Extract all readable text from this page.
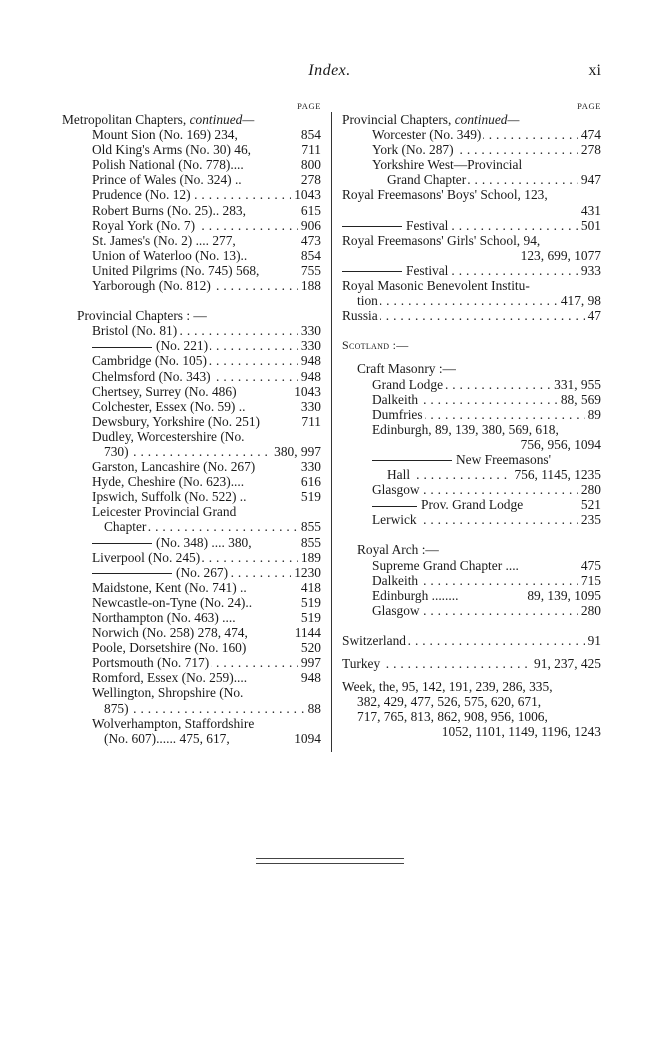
Index.	xi
PAGE
Metropolitan Chapters, continued—
Mount Sion (No. 169) 234,	854
Old King's Arms (No. 30) 46,	711
Polish National (No. 778)....	800
Prince of Wales (No. 324) ..	278
. . . Prudence (No. 12)	1043
Robert Burns (No. 25).. 283,	615
. . . Royal York (No. 7)	906
St. James's (No. 2) .... 277,	473
Union of Waterloo (No. 13)..	854
United Pilgrims (No. 745) 568,	755
. . . Yarborough (No. 812)	188
Provincial Chapters : —
. . . Bristol (No. 81)	330
. . . (No. 221)	330
. . . Cambridge (No. 105)	948
. . . Chelmsford (No. 343)	948
Chertsey, Surrey (No. 486)	1043
Colchester, Essex (No. 59) ..	330
Dewsbury, Yorkshire (No. 251)	711
Dudley, Worcestershire (No.
. . . 730)	380, 997
Garston, Lancashire (No. 267)	330
Hyde, Cheshire (No. 623)....	616
Ipswich, Suffolk (No. 522) ..	519
Leicester Provincial Grand
. . . Chapter	855
(No. 348) .... 380,	855
. . . Liverpool (No. 245)	189
. . . (No. 267)	1230
Maidstone, Kent (No. 741) ..	418
Newcastle-on-Tyne (No. 24)..	519
Northampton (No. 463) ....	519
Norwich (No. 258) 278, 474,	1144
Poole, Dorsetshire (No. 160)	520
. . . Portsmouth (No. 717)	997
Romford, Essex (No. 259)....	948
Wellington, Shropshire (No.
. . . 875)	88
Wolverhampton, Staffordshire
(No. 607)...... 475, 617,	1094
PAGE
Provincial Chapters, continued—
. . . Worcester (No. 349)	474
. . . York (No. 287)	278
Yorkshire West—Provincial
. . . Grand Chapter	947
Royal Freemasons' Boys' School, 123,
431
. . . Festival	501
Royal Freemasons' Girls' School, 94,
123, 699, 1077
. . . Festival	933
Royal Masonic Benevolent Institu-
. . . tion	417, 98
. . . Russia	47
Scotland :—
Craft Masonry :—
. . . Grand Lodge	331, 955
. . . Dalkeith	88, 569
. . . Dumfries	89
Edinburgh, 89, 139, 380, 569, 618,
756, 956, 1094
New Freemasons'
. . . Hall	756, 1145, 1235
. . . Glasgow	280
Prov. Grand Lodge	521
. . . Lerwick	235
Royal Arch :—
Supreme Grand Chapter ....	475
. . . Dalkeith	715
Edinburgh ........	89, 139, 1095
. . . Glasgow	280
. . . Switzerland	91
. . . Turkey	91, 237, 425
Week, the, 95, 142, 191, 239, 286, 335,
382, 429, 477, 526, 575, 620, 671,
717, 765, 813, 862, 908, 956, 1006,
1052, 1101, 1149, 1196, 1243
